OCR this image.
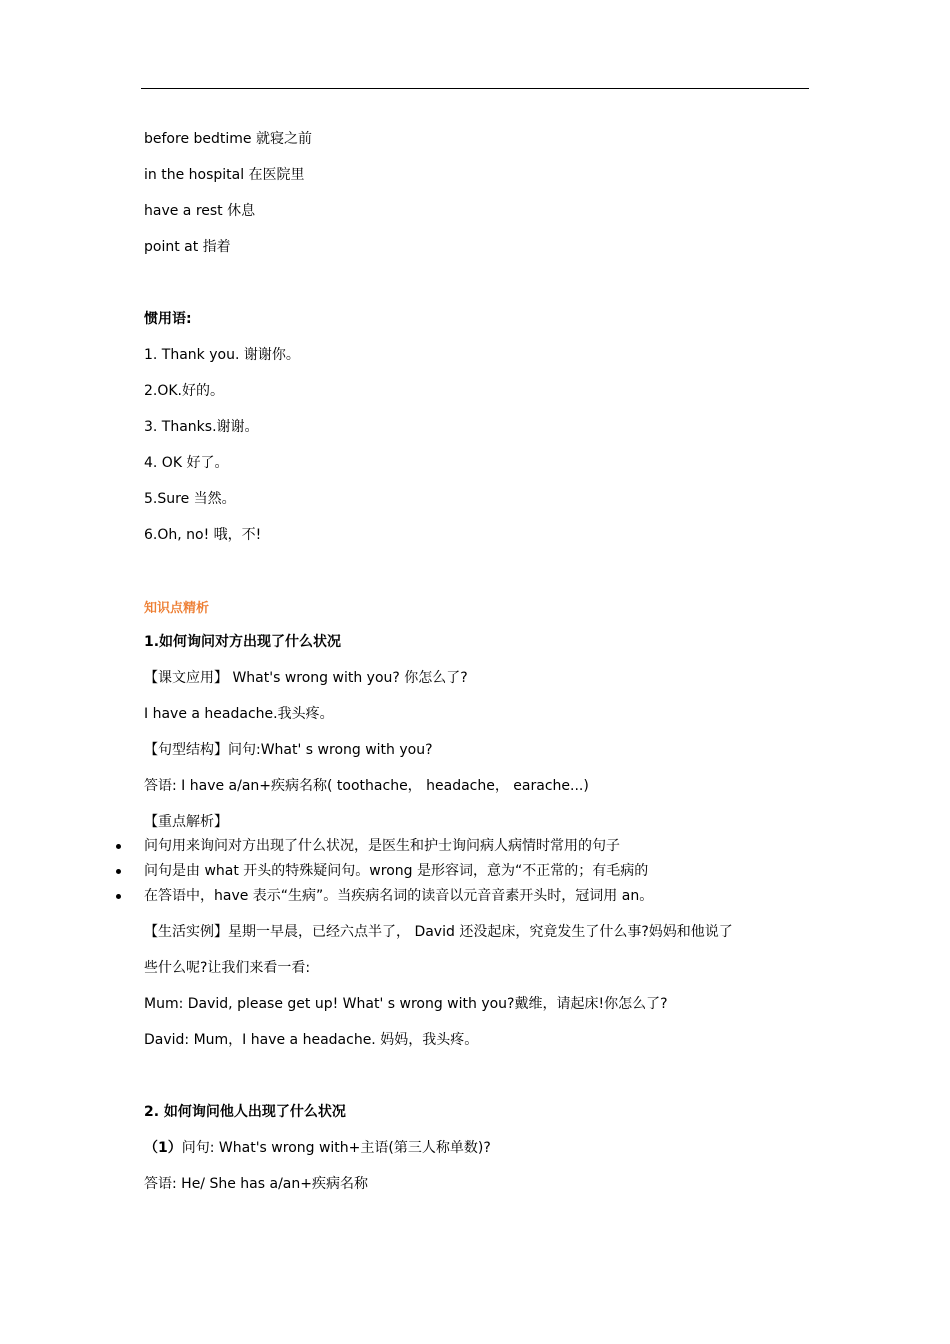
before bedtime 就寝之前
in the hospital 在医院里
have a rest 休息
point at 指着
惯用语:
1. Thank you. 谢谢你。
2.OK.好的。
3. Thanks.谢谢。
4. OK 好了。
5.Sure 当然。
6.Oh, no! 哦，不!
知识点精析
1.如何询问对方出现了什么状况
【课文应用】 What's wrong with you? 你怎么了?
I have a headache.我头疼。
【句型结构】问句:What' s wrong with you?
答语: I have a/an+疾病名称( toothache， headache， earache...)
【重点解析】
问句用来询问对方出现了什么状况，是医生和护士询问病人病情时常用的句子
问句是由 what 开头的特殊疑问句。wrong 是形容词，意为“不正常的；有毛病的
在答语中，have 表示“生病”。当疾病名词的读音以元音音素开头时，冠词用 an。
【生活实例】星期一早晨，已经六点半了， David 还没起床，究竟发生了什么事?妈妈和他说了
些什么呢?让我们来看一看:
Mum: David, please get up! What' s wrong with you?戴维，请起床!你怎么了?
David: Mum，I have a headache. 妈妈，我头疼。
2. 如何询问他人出现了什么状况
（1）问句: What's wrong with+主语(第三人称单数)?
答语: He/ She has a/an+疾病名称
